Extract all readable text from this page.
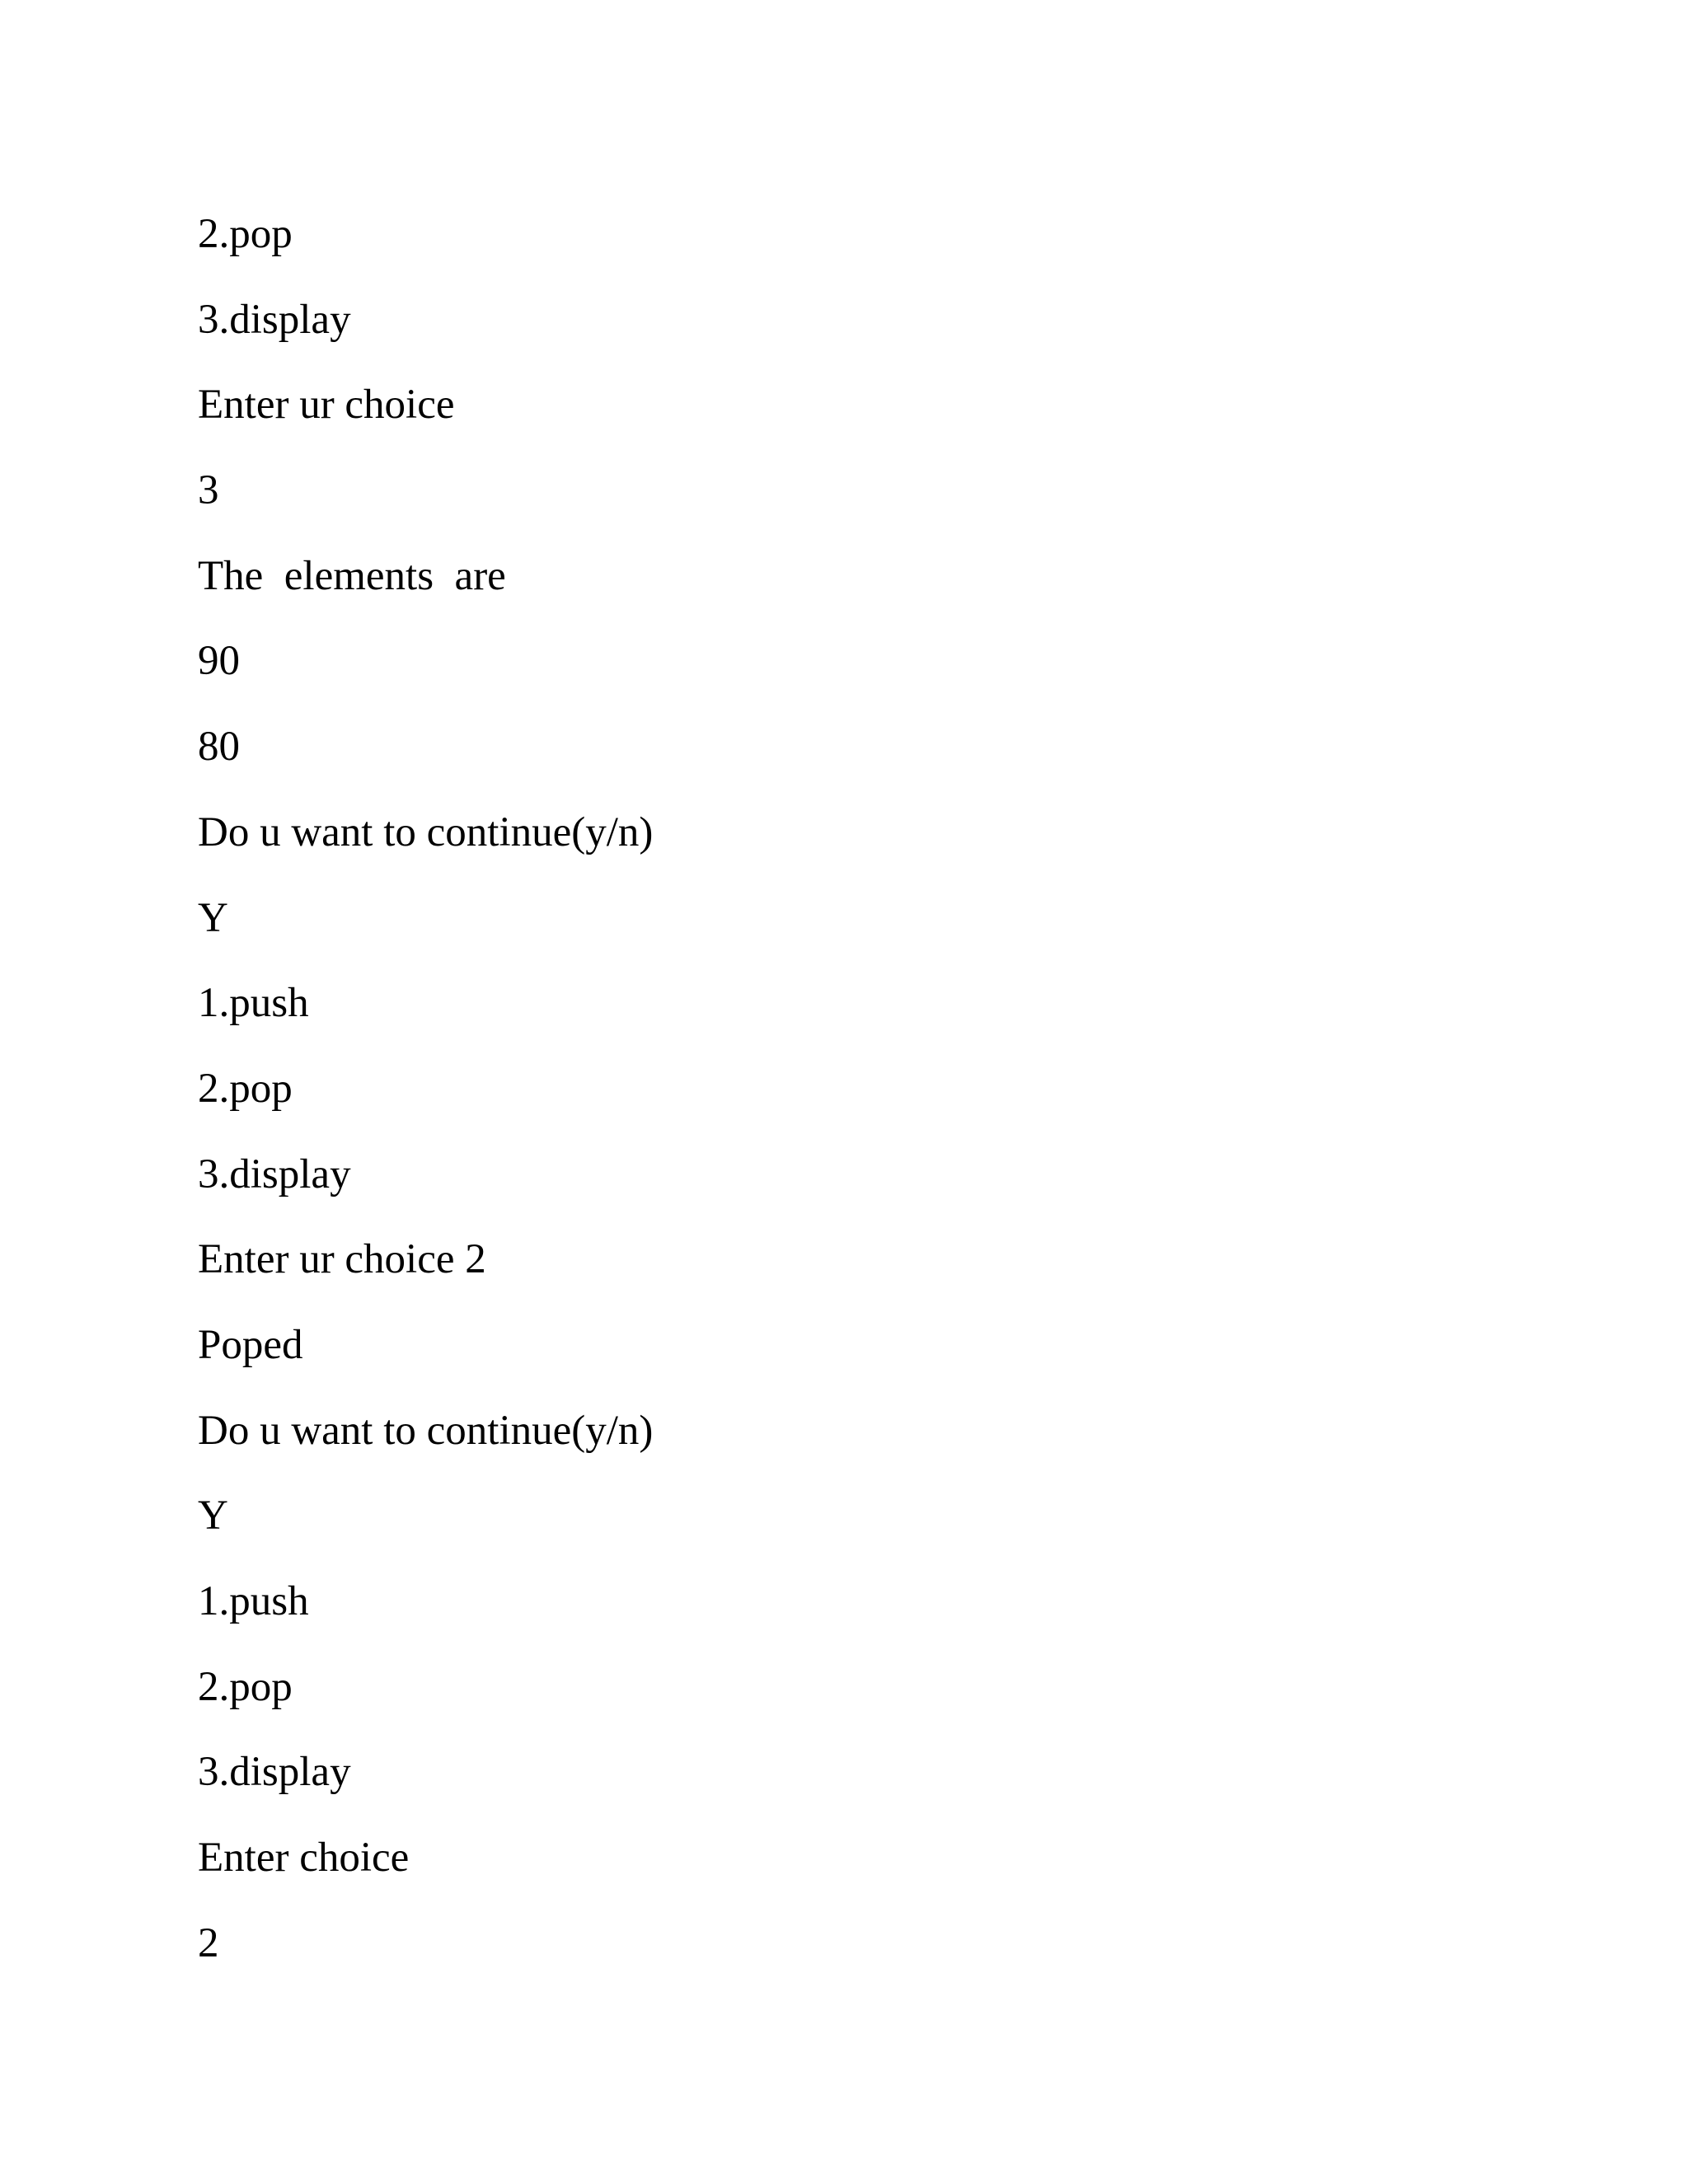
2.pop
3.display
Enter ur choice
3
The  elements  are
90
80
Do u want to continue(y/n)
Y
1.push
2.pop
3.display
Enter ur choice 2
Poped
Do u want to continue(y/n)
Y
1.push
2.pop
3.display
Enter choice
2
